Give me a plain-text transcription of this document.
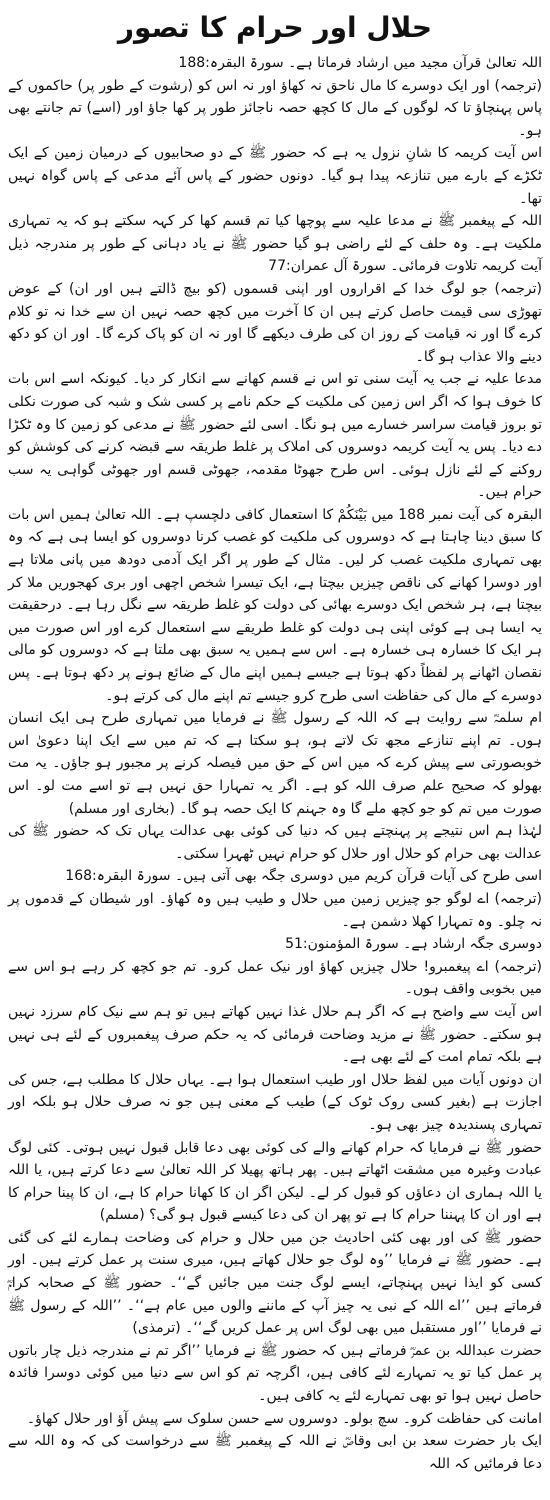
حلال اور حرام کا تصور

اللہ تعالیٰ قرآن مجید میں ارشاد فرماتا ہے۔ سورۃ البقرہ:188

(ترجمہ) اور ایک دوسرے کا مال ناحق نہ کھاؤ اور نہ اس کو (رشوت کے طور پر) حاکموں کے پاس پہنچاؤ تا کہ لوگوں کے مال کا کچھ حصہ ناجائز طور پر کھا جاؤ اور (اسے) تم جانتے بھی ہو۔

اس آیت کریمہ کا شانِ نزول یہ ہے کہ حضور ﷺ کے دو صحابیوں کے درمیان زمین کے ایک ٹکڑے کے بارے میں تنازعہ پیدا ہو گیا۔ دونوں حضور کے پاس آئے مدعی کے پاس گواہ نہیں تھا۔

اللہ کے پیغمبر ﷺ نے مدعا علیہ سے پوچھا کیا تم قسم کھا کر کہہ سکتے ہو کہ یہ تمہاری ملکیت ہے۔ وہ حلف کے لئے راضی ہو گیا حضور ﷺ نے یاد دہانی کے طور پر مندرجہ ذیل آیت کریمہ تلاوت فرمائی۔ سورۃ آل عمران:77

(ترجمہ) جو لوگ خدا کے اقراروں اور اپنی قسموں (کو بیچ ڈالتے ہیں اور ان) کے عوض تھوڑی سی قیمت حاصل کرتے ہیں ان کا آخرت میں کچھ حصہ نہیں ان سے خدا نہ تو کلام کرے گا اور نہ قیامت کے روز ان کی طرف دیکھے گا اور نہ ان کو پاک کرے گا۔ اور ان کو دکھ دینے والا عذاب ہو گا۔

مدعا علیہ نے جب یہ آیت سنی تو اس نے قسم کھانے سے انکار کر دیا۔ کیونکہ اسے اس بات کا خوف ہوا کہ اگر اس زمین کی ملکیت کے حکم نامے پر کسی شک و شبہ کی صورت نکلی تو بروز قیامت سراسر خسارے میں ہو نگا۔ اسی لئے حضور ﷺ نے مدعی کو زمین کا وہ ٹکڑا دے دیا۔ پس یہ آیت کریمہ دوسروں کی املاک پر غلط طریقہ سے قبضہ کرنے کی کوشش کو روکنے کے لئے نازل ہوئی۔ اس طرح جھوٹا مقدمہ، جھوٹی قسم اور جھوٹی گواہی یہ سب حرام ہیں۔

البقرہ کی آیت نمبر 188 میں بَیْنَكُمْ کا استعمال کافی دلچسپ ہے۔ اللہ تعالیٰ ہمیں اس بات کا سبق دینا چاہتا ہے کہ دوسروں کی ملکیت کو غصب کرنا دوسروں کو ایسا ہی ہے کہ وہ بھی تمہاری ملکیت غصب کر لیں۔ مثال کے طور پر اگر ایک آدمی دودھ میں پانی ملاتا ہے اور دوسرا کھانے کی ناقص چیزیں بیچتا ہے، ایک تیسرا شخص اچھی اور بری کھجوریں ملا کر بیچتا ہے، ہر شخص ایک دوسرے بھائی کی دولت کو غلط طریقہ سے نگل رہا ہے۔ درحقیقت یہ ایسا ہی ہے کوئی اپنی ہی دولت کو غلط طریقے سے استعمال کرے اور اس صورت میں ہر ایک کا خسارہ ہی خسارہ ہے۔ اس سے ہمیں یہ سبق بھی ملتا ہے کہ دوسروں کو مالی نقصان اٹھانے پر لفظاً دکھ ہوتا ہے جیسے ہمیں اپنے مال کے ضائع ہونے پر دکھ ہوتا ہے۔ پس دوسرے کے مال کی حفاظت اسی طرح کرو جیسے تم اپنے مال کی کرتے ہو۔

ام سلمہؓ سے روایت ہے کہ اللہ کے رسول ﷺ نے فرمایا میں تمہاری طرح ہی ایک انسان ہوں۔ تم اپنے تنازعے مجھ تک لاتے ہو، ہو سکتا ہے کہ تم میں سے ایک اپنا دعویٰ اس خوبصورتی سے پیش کرے کہ میں اس کے حق میں فیصلہ کرنے پر مجبور ہو جاؤں۔ یہ مت بھولو کہ صحیح علم صرف اللہ کو ہے۔ اگر یہ تمہارا حق نہیں ہے تو اسے مت لو۔ اس صورت میں تم کو جو کچھ ملے گا وہ جہنم کا ایک حصہ ہو گا۔ (بخاری اور مسلم)

لہٰذا ہم اس نتیجے پر پہنچتے ہیں کہ دنیا کی کوئی بھی عدالت یہاں تک کہ حضور ﷺ کی عدالت بھی حرام کو حلال اور حلال کو حرام نہیں ٹھہرا سکتی۔

اسی طرح کی آیات قرآن کریم میں دوسری جگہ بھی آتی ہیں۔ سورۃ البقرہ:168

(ترجمہ) اے لوگو جو چیزیں زمین میں حلال و طیب ہیں وہ کھاؤ۔ اور شیطان کے قدموں پر نہ چلو۔ وہ تمہارا کھلا دشمن ہے۔

دوسری جگہ ارشاد ہے۔ سورۃ المؤمنون:51

(ترجمہ) اے پیغمبرو! حلال چیزیں کھاؤ اور نیک عمل کرو۔ تم جو کچھ کر رہے ہو اس سے میں بخوبی واقف ہوں۔

اس آیت سے واضح ہے کہ اگر ہم حلال غذا نہیں کھاتے ہیں تو ہم سے نیک کام سرزد نہیں ہو سکتے۔ حضور ﷺ نے مزید وضاحت فرمائی کہ یہ حکم صرف پیغمبروں کے لئے ہی نہیں ہے بلکہ تمام امت کے لئے بھی ہے۔

ان دونوں آیات میں لفظ حلال اور طیب استعمال ہوا ہے۔ یہاں حلال کا مطلب ہے، جس کی اجازت ہے (بغیر کسی روک ٹوک کے) طیب کے معنی ہیں جو نہ صرف حلال ہو بلکہ اور تمہاری پسندیدہ چیز بھی ہو۔

حضور ﷺ نے فرمایا کہ حرام کھانے والے کی کوئی بھی دعا قابل قبول نہیں ہوتی۔ کئی لوگ عبادت وغیرہ میں مشقت اٹھاتے ہیں۔ پھر ہاتھ پھیلا کر اللہ تعالیٰ سے دعا کرتے ہیں، یا اللہ یا اللہ ہماری ان دعاؤں کو قبول کر لے۔ لیکن اگر ان کا کھانا حرام کا ہے، ان کا پینا حرام کا ہے اور ان کا پہننا حرام کا ہے تو پھر ان کی دعا کیسے قبول ہو گی؟ (مسلم)

حضور ﷺ کی اور بھی کئی احادیث جن میں حلال و حرام کی وضاحت ہمارے لئے کی گئی ہے۔ حضور ﷺ نے فرمایا ’’وہ لوگ جو حلال کھاتے ہیں، میری سنت پر عمل کرتے ہیں۔ اور کسی کو ایذا نہیں پہنچاتے، ایسے لوگ جنت میں جائیں گے‘‘۔ حضور ﷺ کے صحابہ کرامؓ فرماتے ہیں ’’اے اللہ کے نبی یہ چیز آپ کے ماننے والوں میں عام ہے‘‘۔ ’’اللہ کے رسول ﷺ نے فرمایا ’’اور مستقبل میں بھی لوگ اس پر عمل کریں گے‘‘۔ (ترمذی)

حضرت عبداللہ بن عمرؓ فرماتے ہیں کہ حضور ﷺ نے فرمایا ’’اگر تم نے مندرجہ ذیل چار باتوں پر عمل کیا تو یہ تمہارے لئے کافی ہیں، اگرچہ تم کو اس سے دنیا میں کوئی دوسرا فائدہ حاصل نہیں ہوا تو بھی تمہارے لئے یہ کافی ہیں۔

امانت کی حفاظت کرو۔ سچ بولو۔ دوسروں سے حسن سلوک سے پیش آؤ اور حلال کھاؤ۔

ایک بار حضرت سعد بن ابی وقاصؓ نے اللہ کے پیغمبر ﷺ سے درخواست کی کہ وہ اللہ سے دعا فرمائیں کہ اللہ
